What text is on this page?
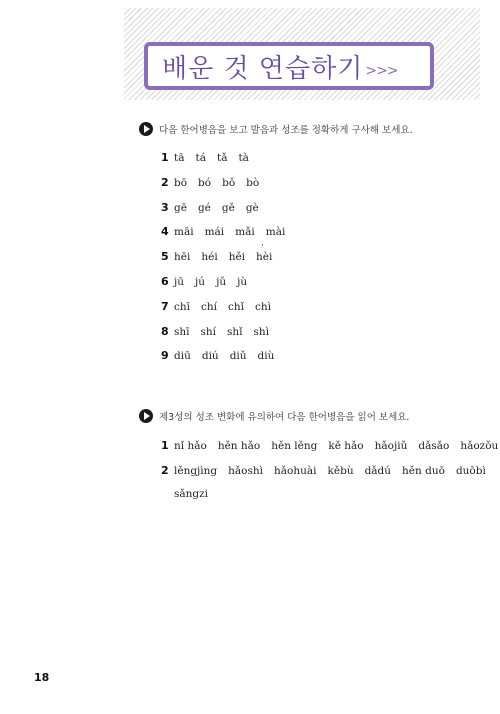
배운 것 연습하기 >>>
다음 한어병음을 보고 발음과 성조를 정확하게 구사해 보세요.
1 tā tá tǎ tà
2 bō bó bǒ bò
3 gē gé gě gè
4 māi mái mǎi mài
5 hēi héi hěi hèi
6 jū jú jǔ jù
7 chī chí chǐ chì
8 shī shí shǐ shì
9 diū diú diǔ diù
제3성의 성조 변화에 유의하여 다음 한어병음을 읽어 보세요.
1 nǐ hǎo hěn hǎo hěn lěng kě hǎo hǎojiǔ dǎsǎo hǎozǒu
2 lěngjìng hǎoshì hǎohuài kěbù dǎdú hěn duō duōbì
sǎngzi
18
